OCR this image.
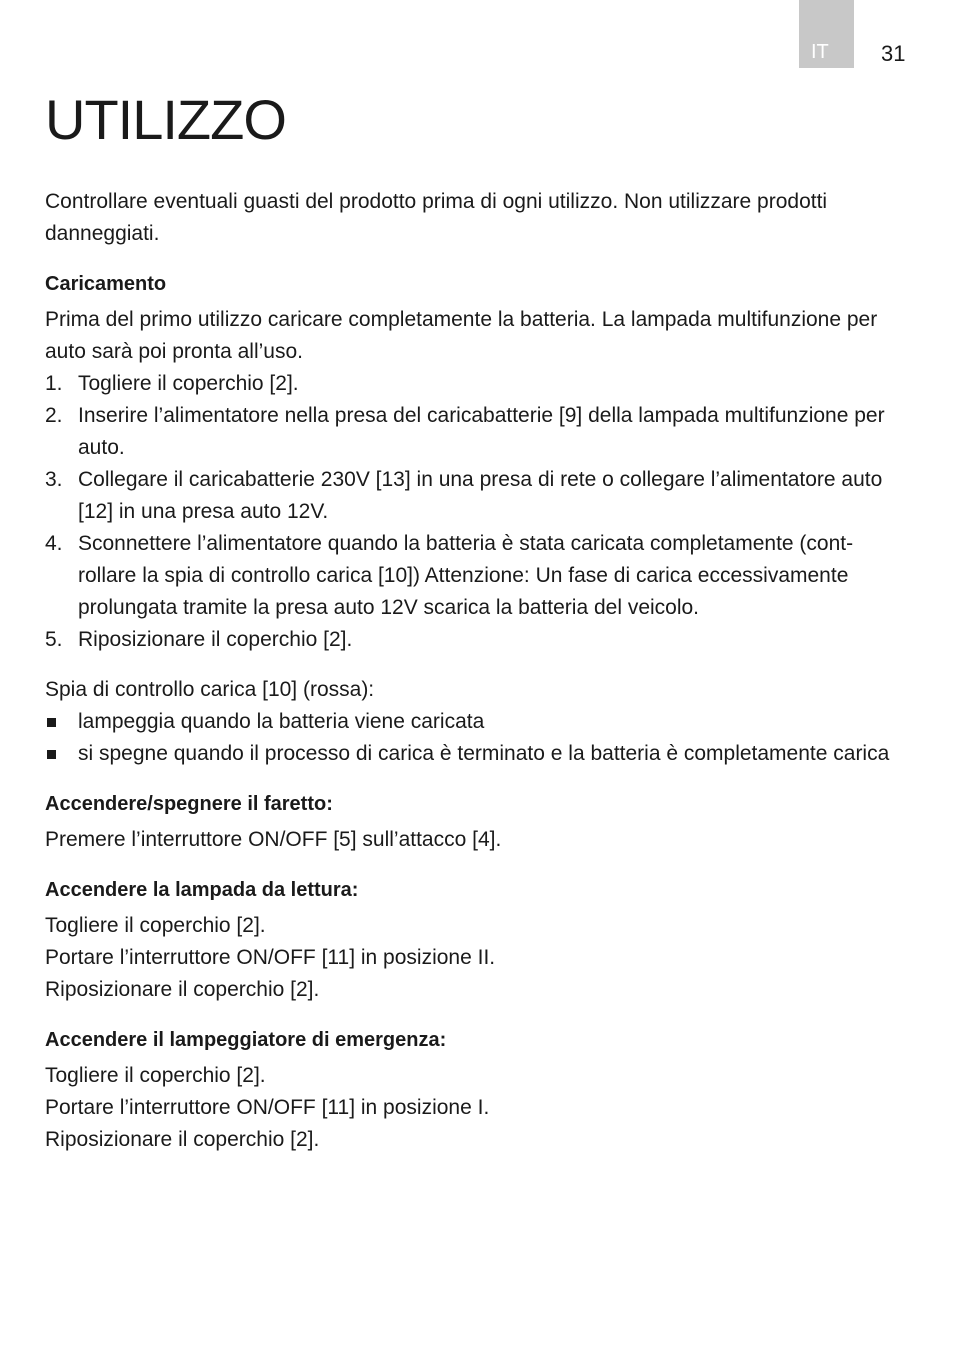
IT	31
UTILIZZO

Controllare eventuali guasti del prodotto prima di ogni utilizzo. Non utilizzare prodotti danneggiati.

Caricamento

Prima del primo utilizzo caricare completamente la batteria. La lampada multifunzione per auto sarà poi pronta all’uso.

1. Togliere il coperchio [2].
2. Inserire l’alimentatore nella presa del caricabatterie [9] della lampada multifunzione per auto.
3. Collegare il caricabatterie 230V [13] in una presa di rete o collegare l’alimentatore auto [12] in una presa auto 12V.
4. Sconnettere l’alimentatore quando la batteria è stata caricata completamente (cont-rollare la spia di controllo carica [10]) Attenzione: Un fase di carica eccessivamente prolungata tramite la presa auto 12V scarica la batteria del veicolo.
5. Riposizionare il coperchio [2].

Spia di controllo carica [10] (rossa):

lampeggia quando la batteria viene caricata
si spegne quando il processo di carica è terminato e la batteria è completamente carica
Accendere/spegnere il faretto:

Premere l’interruttore ON/OFF [5] sull’attacco [4].

Accendere la lampada da lettura:

Togliere il coperchio [2].

Portare l’interruttore ON/OFF [11] in posizione II.

Riposizionare il coperchio [2].

Accendere il lampeggiatore di emergenza:

Togliere il coperchio [2].

Portare l’interruttore ON/OFF [11] in posizione I.

Riposizionare il coperchio [2].
